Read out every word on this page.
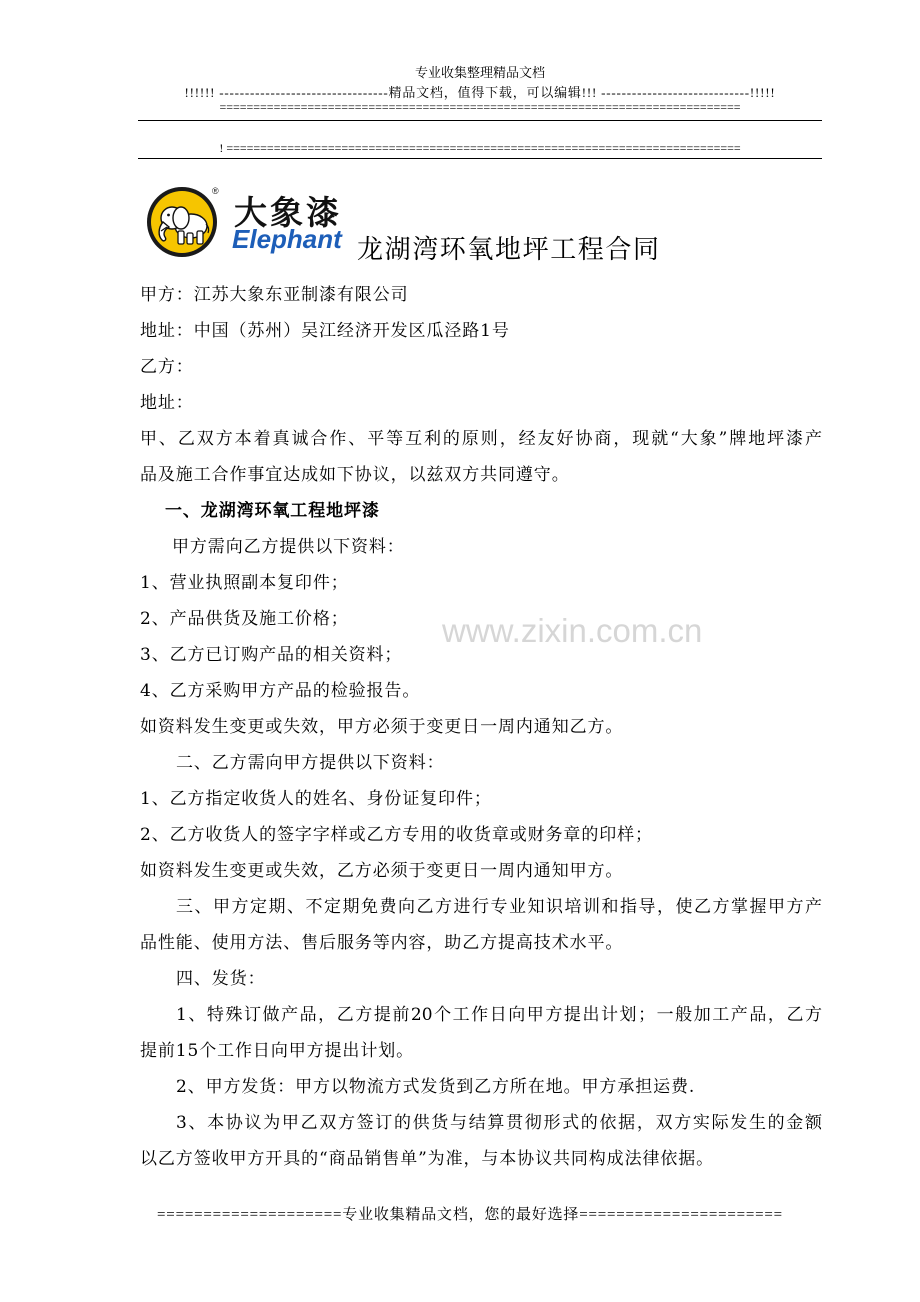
专业收集整理精品文档
!!!!!! ---------------------------------精品文档，值得下载，可以编辑!!! -----------------------------!!!!!
=============================================================================
! ============================================================================
®
大象漆
Elephant 龙湖湾环氧地坪工程合同
www.zixin.com.cn
甲方：江苏大象东亚制漆有限公司
地址：中国（苏州）吴江经济开发区瓜泾路1号
乙方：
地址：
甲、乙双方本着真诚合作、平等互利的原则，经友好协商，现就“大象”牌地坪漆产
品及施工合作事宜达成如下协议，以兹双方共同遵守。
一、龙湖湾环氧工程地坪漆
甲方需向乙方提供以下资料：
1、营业执照副本复印件；
2、产品供货及施工价格；
3、乙方已订购产品的相关资料；
4、乙方采购甲方产品的检验报告。
如资料发生变更或失效，甲方必须于变更日一周内通知乙方。
二、乙方需向甲方提供以下资料：
1、乙方指定收货人的姓名、身份证复印件；
2、乙方收货人的签字字样或乙方专用的收货章或财务章的印样；
如资料发生变更或失效，乙方必须于变更日一周内通知甲方。
三、甲方定期、不定期免费向乙方进行专业知识培训和指导，使乙方掌握甲方产
品性能、使用方法、售后服务等内容，助乙方提高技术水平。
四、发货：
1、特殊订做产品，乙方提前20个工作日向甲方提出计划；一般加工产品，乙方
提前15个工作日向甲方提出计划。
2、甲方发货：甲方以物流方式发货到乙方所在地。甲方承担运费.
3、本协议为甲乙双方签订的供货与结算贯彻形式的依据，双方实际发生的金额
以乙方签收甲方开具的“商品销售单”为准，与本协议共同构成法律依据。
====================专业收集精品文档，您的最好选择======================
